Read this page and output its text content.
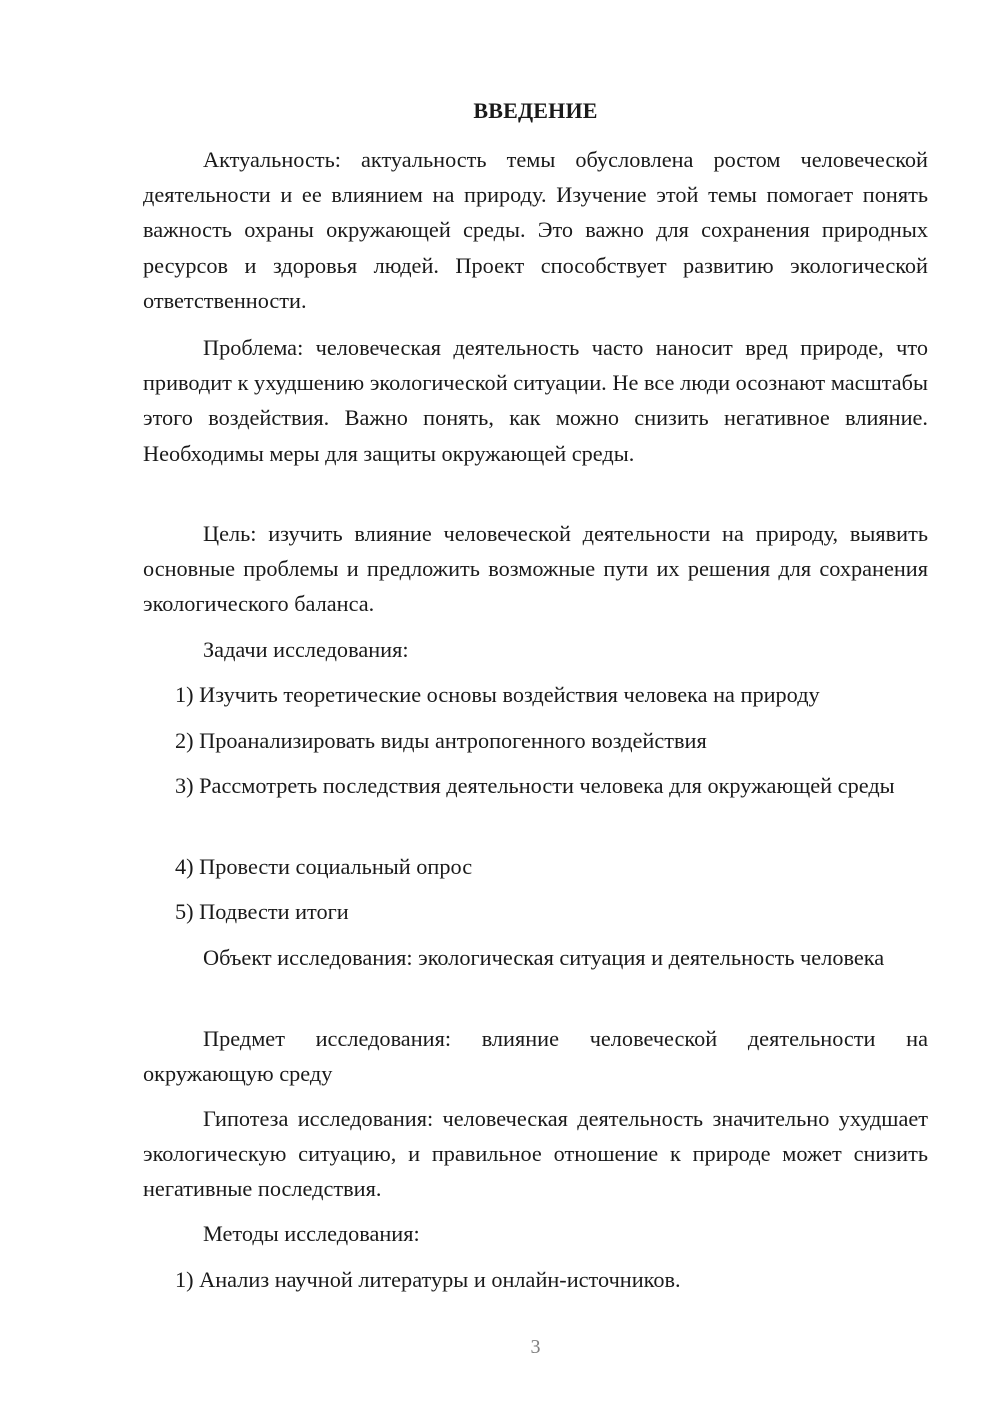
ВВЕДЕНИЕ

Актуальность: актуальность темы обусловлена ростом человеческой деятельности и ее влиянием на природу. Изучение этой темы помогает понять важность охраны окружающей среды. Это важно для сохранения природных ресурсов и здоровья людей. Проект способствует развитию экологической ответственности.

Проблема: человеческая деятельность часто наносит вред природе, что приводит к ухудшению экологической ситуации. Не все люди осознают масштабы этого воздействия. Важно понять, как можно снизить негативное влияние. Необходимы меры для защиты окружающей среды.

Цель: изучить влияние человеческой деятельности на природу, выявить основные проблемы и предложить возможные пути их решения для сохранения экологического баланса.

Задачи исследования:

1) Изучить теоретические основы воздействия человека на природу

2) Проанализировать виды антропогенного воздействия

3) Рассмотреть последствия деятельности человека для окружающей среды

4) Провести социальный опрос

5) Подвести итоги

Объект исследования: экологическая ситуация и деятельность человека

Предмет исследования: влияние человеческой деятельности на окружающую среду

Гипотеза исследования: человеческая деятельность значительно ухудшает экологическую ситуацию, и правильное отношение к природе может снизить негативные последствия.

Методы исследования:

1) Анализ научной литературы и онлайн-источников.

3
